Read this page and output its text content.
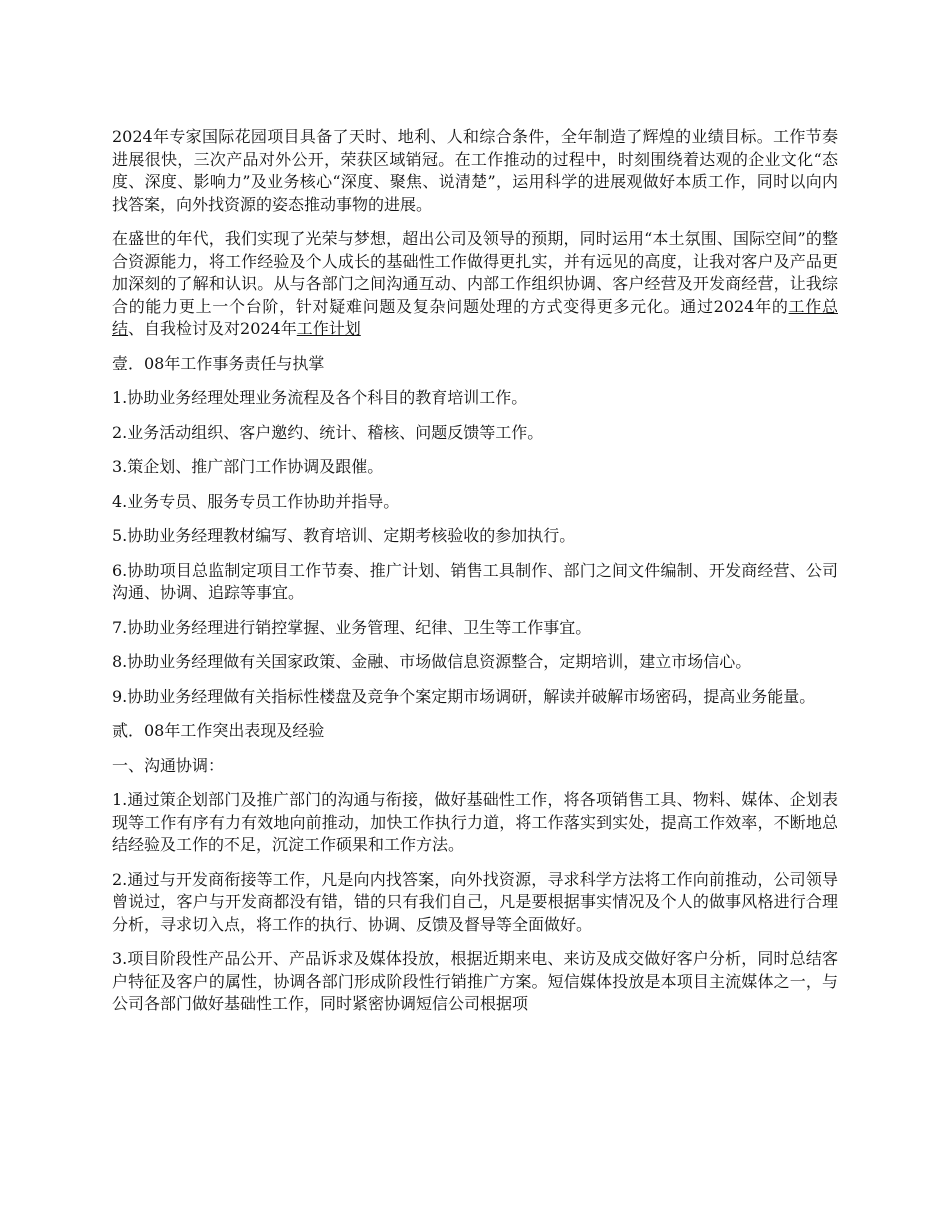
2024年专家国际花园项目具备了天时、地利、人和综合条件，全年制造了辉煌的业绩目标。工作节奏进展很快，三次产品对外公开，荣获区域销冠。在工作推动的过程中，时刻围绕着达观的企业文化“态度、深度、影响力”及业务核心“深度、聚焦、说清楚”，运用科学的进展观做好本质工作，同时以向内找答案，向外找资源的姿态推动事物的进展。

在盛世的年代，我们实现了光荣与梦想，超出公司及领导的预期，同时运用“本土氛围、国际空间”的整合资源能力，将工作经验及个人成长的基础性工作做得更扎实，并有远见的高度，让我对客户及产品更加深刻的了解和认识。从与各部门之间沟通互动、内部工作组织协调、客户经营及开发商经营，让我综合的能力更上一个台阶，针对疑难问题及复杂问题处理的方式变得更多元化。通过2024年的工作总结、自我检讨及对2024年工作计划

壹．08年工作事务责任与执掌

1.协助业务经理处理业务流程及各个科目的教育培训工作。

2.业务活动组织、客户邀约、统计、稽核、问题反馈等工作。

3.策企划、推广部门工作协调及跟催。

4.业务专员、服务专员工作协助并指导。

5.协助业务经理教材编写、教育培训、定期考核验收的参加执行。

6.协助项目总监制定项目工作节奏、推广计划、销售工具制作、部门之间文件编制、开发商经营、公司沟通、协调、追踪等事宜。

7.协助业务经理进行销控掌握、业务管理、纪律、卫生等工作事宜。

8.协助业务经理做有关国家政策、金融、市场做信息资源整合，定期培训，建立市场信心。

9.协助业务经理做有关指标性楼盘及竞争个案定期市场调研，解读并破解市场密码，提高业务能量。

贰．08年工作突出表现及经验

一、沟通协调：

1.通过策企划部门及推广部门的沟通与衔接，做好基础性工作，将各项销售工具、物料、媒体、企划表现等工作有序有力有效地向前推动，加快工作执行力道，将工作落实到实处，提高工作效率，不断地总结经验及工作的不足，沉淀工作硕果和工作方法。

2.通过与开发商衔接等工作，凡是向内找答案，向外找资源，寻求科学方法将工作向前推动，公司领导曾说过，客户与开发商都没有错，错的只有我们自己，凡是要根据事实情况及个人的做事风格进行合理分析，寻求切入点，将工作的执行、协调、反馈及督导等全面做好。

3.项目阶段性产品公开、产品诉求及媒体投放，根据近期来电、来访及成交做好客户分析，同时总结客户特征及客户的属性，协调各部门形成阶段性行销推广方案。短信媒体投放是本项目主流媒体之一，与公司各部门做好基础性工作，同时紧密协调短信公司根据项
